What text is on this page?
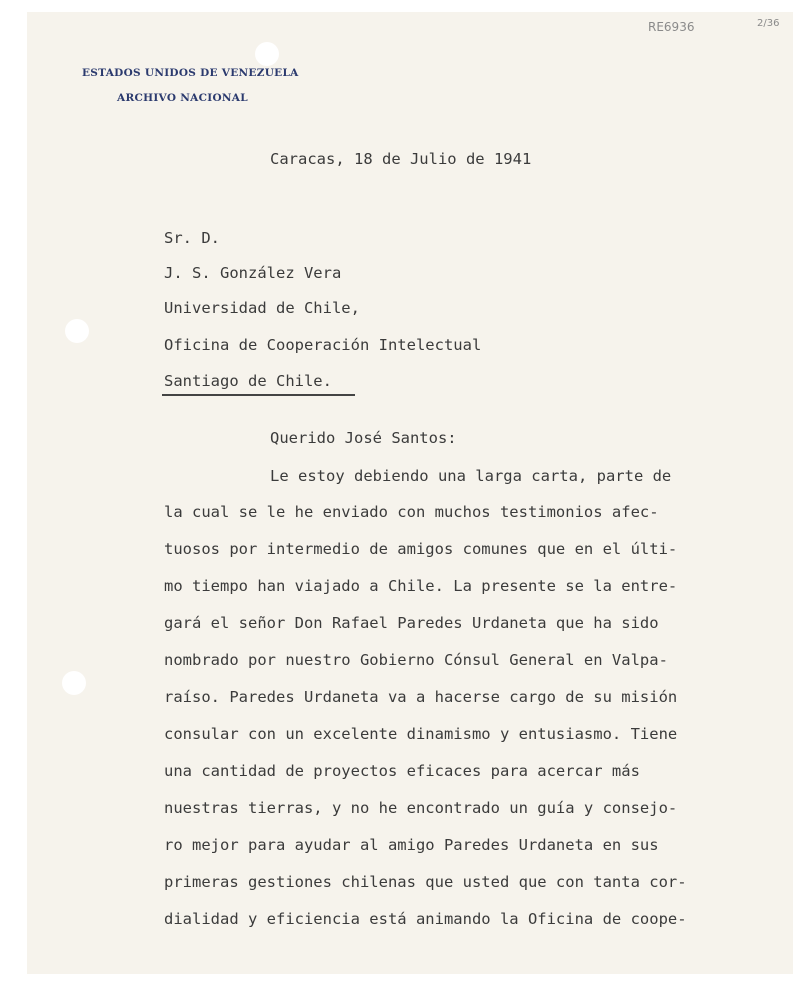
ESTADOS UNIDOS DE VENEZUELA
ARCHIVO NACIONAL
RE6936	2/36
Caracas, 18 de Julio de 1941
Sr. D.
J. S. González Vera
Universidad de Chile,
Oficina de Cooperación Intelectual
Santiago de Chile.
Querido José Santos:
Le estoy debiendo una larga carta, parte de
la cual se le he enviado con muchos testimonios afec-
tuosos por intermedio de amigos comunes que en el últi-
mo tiempo han viajado a Chile. La presente se la entre-
gará el señor Don Rafael Paredes Urdaneta que ha sido
nombrado por nuestro Gobierno Cónsul General en Valpa-
raíso. Paredes Urdaneta va a hacerse cargo de su misión
consular con un excelente dinamismo y entusiasmo. Tiene
una cantidad de proyectos eficaces para acercar más
nuestras tierras, y no he encontrado un guía y consejo-
ro mejor para ayudar al amigo Paredes Urdaneta en sus
primeras gestiones chilenas que usted que con tanta cor-
dialidad y eficiencia está animando la Oficina de coope-
